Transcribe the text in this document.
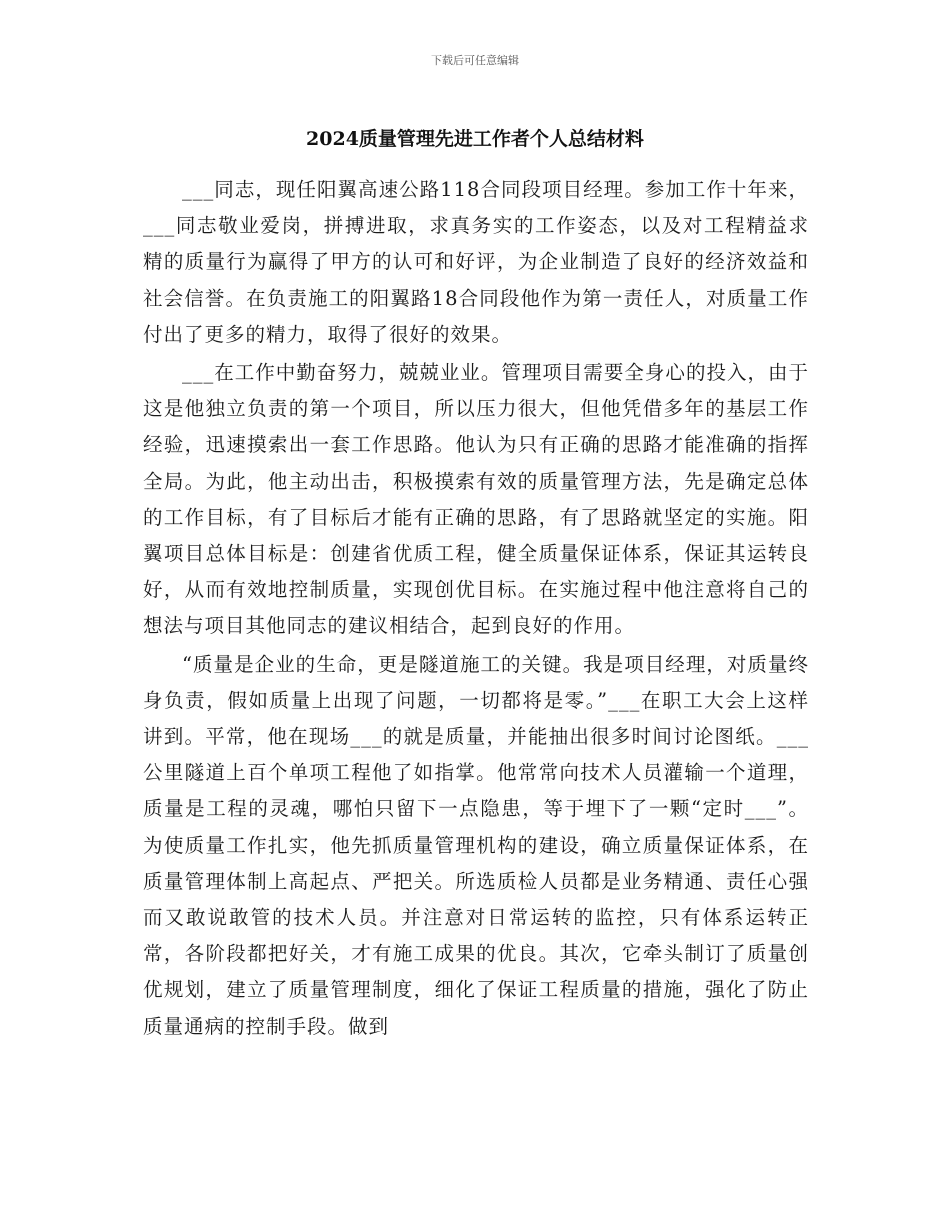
下载后可任意编辑
2024质量管理先进工作者个人总结材料

___同志，现任阳翼高速公路118合同段项目经理。参加工作十年来，___同志敬业爱岗，拼搏进取，求真务实的工作姿态，以及对工程精益求精的质量行为赢得了甲方的认可和好评，为企业制造了良好的经济效益和社会信誉。在负责施工的阳翼路18合同段他作为第一责任人，对质量工作付出了更多的精力，取得了很好的效果。

___在工作中勤奋努力，兢兢业业。管理项目需要全身心的投入，由于这是他独立负责的第一个项目，所以压力很大，但他凭借多年的基层工作经验，迅速摸索出一套工作思路。他认为只有正确的思路才能准确的指挥全局。为此，他主动出击，积极摸索有效的质量管理方法，先是确定总体的工作目标，有了目标后才能有正确的思路，有了思路就坚定的实施。阳翼项目总体目标是：创建省优质工程，健全质量保证体系，保证其运转良好，从而有效地控制质量，实现创优目标。在实施过程中他注意将自己的想法与项目其他同志的建议相结合，起到良好的作用。

“质量是企业的生命，更是隧道施工的关键。我是项目经理，对质量终身负责，假如质量上出现了问题，一切都将是零。”___在职工大会上这样讲到。平常，他在现场___的就是质量，并能抽出很多时间讨论图纸。___公里隧道上百个单项工程他了如指掌。他常常向技术人员灌输一个道理，质量是工程的灵魂，哪怕只留下一点隐患，等于埋下了一颗“定时___”。为使质量工作扎实，他先抓质量管理机构的建设，确立质量保证体系，在质量管理体制上高起点、严把关。所选质检人员都是业务精通、责任心强而又敢说敢管的技术人员。并注意对日常运转的监控，只有体系运转正常，各阶段都把好关，才有施工成果的优良。其次，它牵头制订了质量创优规划，建立了质量管理制度，细化了保证工程质量的措施，强化了防止质量通病的控制手段。做到
